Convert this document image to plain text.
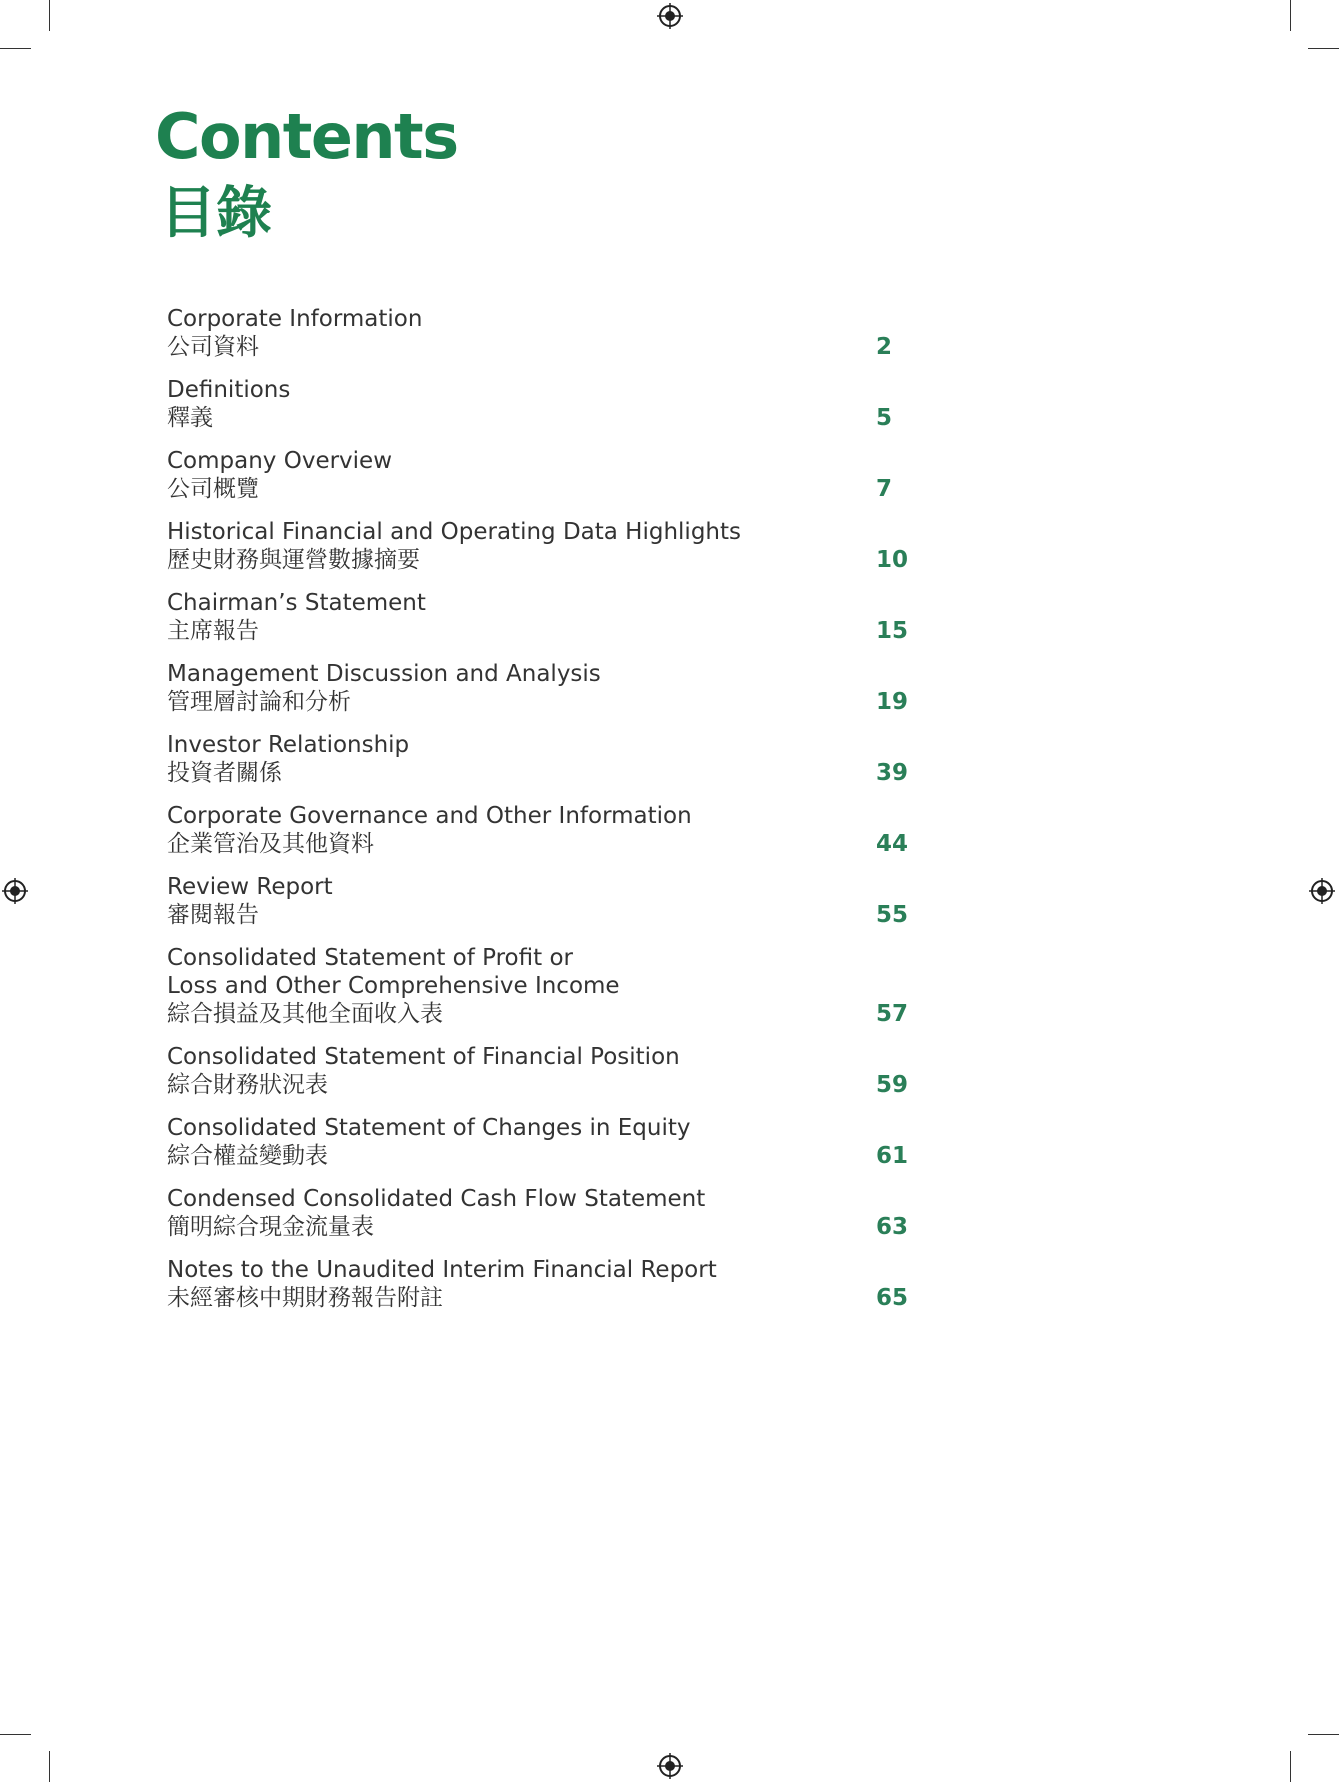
Contents
目錄
Corporate Information
公司資料	2
Definitions
釋義	5
Company Overview
公司概覽	7
Historical Financial and Operating Data Highlights
歷史財務與運營數據摘要	10
Chairman’s Statement
主席報告	15
Management Discussion and Analysis
管理層討論和分析	19
Investor Relationship
投資者關係	39
Corporate Governance and Other Information
企業管治及其他資料	44
Review Report
審閱報告	55
Consolidated Statement of Profit or
Loss and Other Comprehensive Income
綜合損益及其他全面收入表	57
Consolidated Statement of Financial Position
綜合財務狀況表	59
Consolidated Statement of Changes in Equity
綜合權益變動表	61
Condensed Consolidated Cash Flow Statement
簡明綜合現金流量表	63
Notes to the Unaudited Interim Financial Report
未經審核中期財務報告附註	65
